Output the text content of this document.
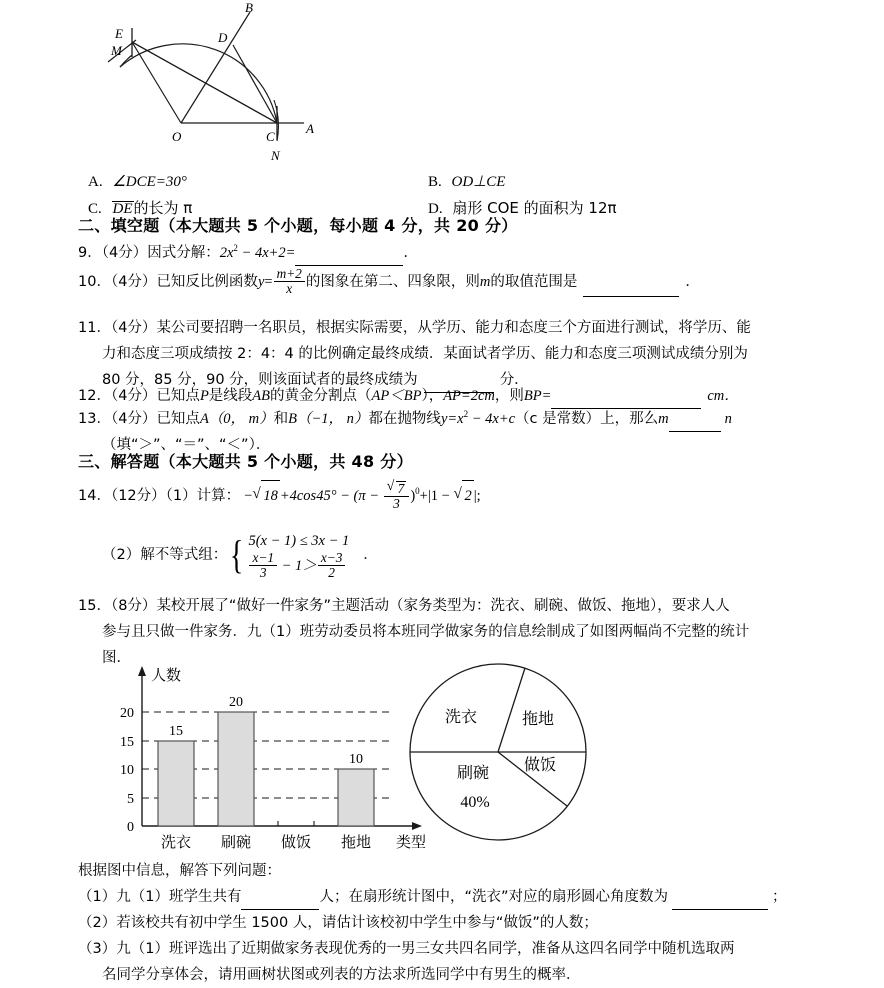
M
E
B
D
O	C
A
N
A. ∠DCE=30°	B. OD⊥CE
C. DE的长为 π	D. 扇形 COE 的面积为 12π
二、填空题（本大题共 5 个小题，每小题 4 分，共 20 分）
9．（4分）因式分解：$2x^2 - 4x+2=$	．
10．（4分）已知反比例函数$y= \frac{m+2}{x}$ 的图象在第二、四象限，则m的取值范围是	．
11．（4分）某公司要招聘一名职员，根据实际需要，从学历、能力和态度三个方面进行测试，将学历、能
力和态度三项成绩按 2：4：4 的比例确定最终成绩．某面试者学历、能力和态度三项测试成绩分别为
80 分，85 分，90 分，则该面试者的最终成绩为	分．
12．（4分）已知点P是线段AB的黄金分割点（AP＜BP），AP=2cm，则BP=	cm．
13．（4分）已知点A（0， m）和B（−1， n）都在抛物线$y=x^2 - 4x+c(c$ 是常数）上，那么m	n
（填“＞”、“＝”、“＜”）．
三、解答题（本大题共 5 个小题，共 48 分）
14．（12分）（1）计算： − √ $18 +4\cos 45^\circ - (\pi - \frac{√ 7}{3} )^0+|1$ − √ 2 |;
（2） 解不等式组： { 5(x − 1) ≤ 3x − 1
$\frac{x-1}{3} - 1> \frac{x-3}{2}$ ．
15．（8分）某校开展了“做好一件家务”主题活动（家务类型为：洗衣、刷碗、做饭、拖地），要求人人
参与且只做一件家务．九（1）班劳动委员将本班同学做家务的信息绘制成了如图两幅尚不完整的统计
图．
0
5
10
15
20
人数
15
20
10
洗衣 刷碗 做饭 拖地 类型
洗衣	拖地
做饭
刷碗
40%
根据图中信息，解答下列问题：
（1）九（1）班学生共有	人；在扇形统计图中，“洗衣”对应的扇形圆心角度数为	；
（2）若该校共有初中学生 1500 人，请估计该校初中学生中参与“做饭”的人数；
（3）九（1）班评选出了近期做家务表现优秀的一男三女共四名同学，准备从这四名同学中随机选取两
名同学分享体会，请用画树状图或列表的方法求所选同学中有男生的概率．
